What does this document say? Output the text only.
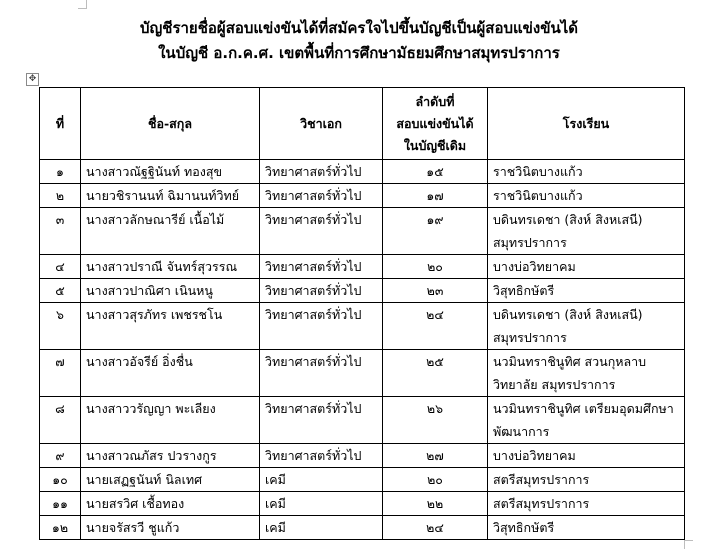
บัญชีรายชื่อผู้สอบแข่งขันได้ที่สมัครใจไปขึ้นบัญชีเป็นผู้สอบแข่งขันได้
ในบัญชี อ.ก.ค.ศ. เขตพื้นที่การศึกษามัธยมศึกษาสมุทรปราการ
✥
ที่	ชื่อ-สกุล	วิชาเอก	ลำดับที่
สอบแข่งขันได้
ในบัญชีเดิม	โรงเรียน
๑	นางสาวณัฐฐินันท์ ทองสุข	วิทยาศาสตร์ทั่วไป	๑๕	ราชวินิตบางแก้ว

๒	นายวชิรานนท์ ฉิมานนท์วิทย์	วิทยาศาสตร์ทั่วไป	๑๗	ราชวินิตบางแก้ว

๓	นางสาวลักษณารีย์ เนื้อไม้	วิทยาศาสตร์ทั่วไป	๑๙	บดินทรเดชา (สิงห์ สิงหเสนี)
สมุทรปราการ

๔	นางสาวปราณี จันทร์สุวรรณ	วิทยาศาสตร์ทั่วไป	๒๐	บางบ่อวิทยาคม

๕	นางสาวปาณิศา เนินหนู	วิทยาศาสตร์ทั่วไป	๒๓	วิสุทธิกษัตรี

๖	นางสาวสุรภัทร เพชรชโน	วิทยาศาสตร์ทั่วไป	๒๔	บดินทรเดชา (สิงห์ สิงหเสนี)
สมุทรปราการ

๗	นางสาวอัจรีย์ อิ่งชื่น	วิทยาศาสตร์ทั่วไป	๒๕	นวมินทราชินูทิศ สวนกุหลาบ
วิทยาลัย สมุทรปราการ

๘	นางสาววรัญญา พะเลียง	วิทยาศาสตร์ทั่วไป	๒๖	นวมินทราชินูทิศ เตรียมอุดมศึกษา
พัฒนาการ

๙	นางสาวณภัสร ปวรางกูร	วิทยาศาสตร์ทั่วไป	๒๗	บางบ่อวิทยาคม

๑๐	นายเสฏฐนันท์ นิลเทศ	เคมี	๒๐	สตรีสมุทรปราการ

๑๑	นายสรวิศ เชื้อทอง	เคมี	๒๒	สตรีสมุทรปราการ

๑๒	นายจรัสรวี ชูแก้ว	เคมี	๒๔	วิสุทธิกษัตรี
